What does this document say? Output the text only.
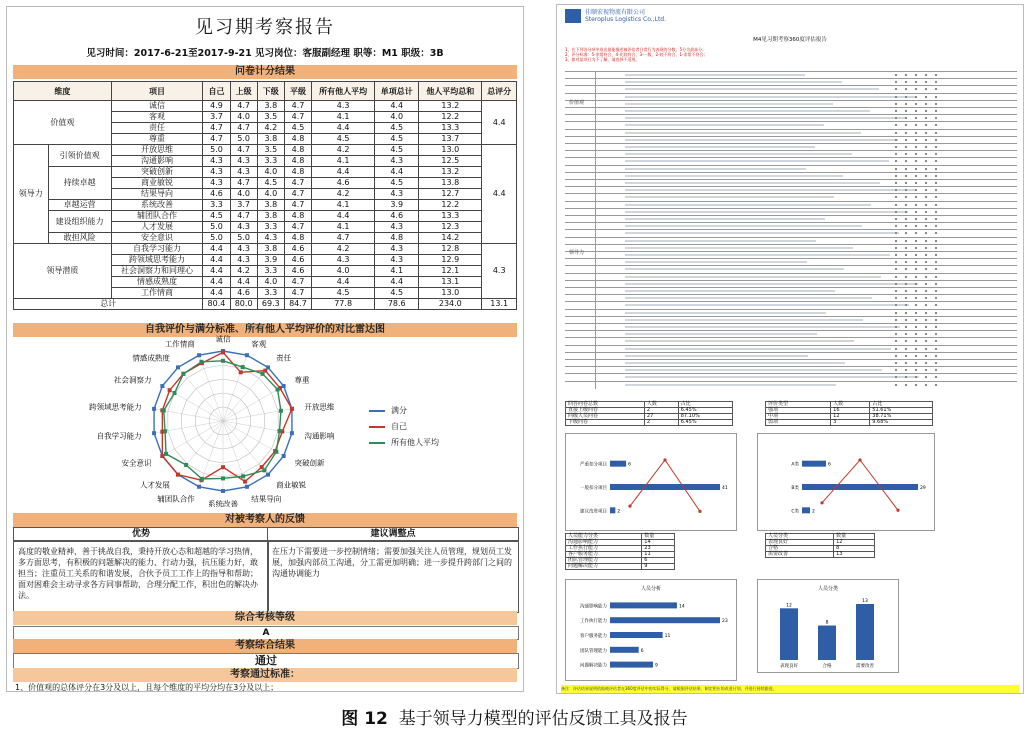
见习期考察报告
见习时间：2017-6-21至2017-9-21 见习岗位：客服副经理 职等：M1 职级：3B
问卷计分结果
维度		项目	自己	上级	下级	平级	所有他人平均	单项总计	他人平均总和	总评分
价值观		诚信	4.9	4.7	3.8	4.7	4.3	4.4	13.2	4.4
		客观	3.7	4.0	3.5	4.7	4.1	4.0	12.2	
		责任	4.7	4.7	4.2	4.5	4.4	4.5	13.3	
		尊重	4.7	5.0	3.8	4.8	4.5	4.5	13.7	
领导力	引领价值观	开放思维	5.0	4.7	3.5	4.8	4.2	4.5	13.0	4.4
		沟通影响	4.3	4.3	3.3	4.8	4.1	4.3	12.5	
	持续卓越	突破创新	4.3	4.3	4.0	4.8	4.4	4.4	13.2	
		商业敏锐	4.3	4.7	4.5	4.7	4.6	4.5	13.8	
		结果导向	4.6	4.0	4.0	4.7	4.2	4.3	12.7	
	卓越运营	系统改善	3.3	3.7	3.8	4.7	4.1	3.9	12.2	
	建设组织能力	辅团队合作	4.5	4.7	3.8	4.8	4.4	4.6	13.3	
		人才发展	5.0	4.3	3.3	4.7	4.1	4.3	12.3	
	敢担风险	安全意识	5.0	5.0	4.3	4.8	4.7	4.8	14.2	
领导潜质		自我学习能力	4.4	4.3	3.8	4.6	4.2	4.3	12.8	4.3
		跨领域思考能力	4.4	4.3	3.9	4.6	4.3	4.3	12.9	
		社会洞察力和同理心	4.4	4.2	3.3	4.6	4.0	4.1	12.1	
		情感成熟度	4.4	4.4	4.0	4.7	4.4	4.4	13.1	
		工作情商	4.4	4.6	3.3	4.7	4.5	4.5	13.0	
总计			80.4	80.0	69.3	84.7	77.8	78.6	234.0	13.1
自我评价与满分标准、所有他人平均评价的对比雷达图
诚信
客观
责任
尊重
开放思维
沟通影响
突破创新
商业敏锐
结果导向
系统改善
辅团队合作
人才发展
安全意识
自我学习能力
跨领域思考能力
社会洞察力
情感成熟度
工作情商
满分
自己
所有他人平均
对被考察人的反馈
优势	建议调整点
高度的敬业精神，善于挑战自我，秉持开放心态和超越的学习热情，多方面思考，有积极的问题解决的能力、行动力强，抗压能力好，敢担当；注重员工关系的和谐发展，合伙予员工工作上的指导和帮助；面对困难会主动寻求各方同事帮助，合理分配工作，积出色的解决办法。
在压力下需要进一步控制情绪；需要加强关注人员管理，规划员工发展，加强内部员工沟通，分工需更加明确；进一步提升跨部门之间的沟通协调能力
综合考核等级
A
考察综合结果
通过
考察通过标准：
1、价值观的总体评分在3分及以上，且每个维度的平均分均在3分及以上；
佳顺宏视物流有限公司
Steroplus Logistics Co.,Ltd.
M4见习期考察360度评估报告
1、在下列各分项中选出最能描述被评估者日常行为表现的分数，5分为最高分；
2、评分标准：5-非常符合，4-比较符合，3-一般，2-较不符合，1-非常不符合；
3、如对某项行为不了解，请选择不适用。
价值观
领导力
回答问卷总数	人数	占比
直接上级问卷	2	6.45%
同级人员问卷	27	87.10%
下级问卷	2	6.45%
评价类型	人数	占比
强项	16	51.61%
中项	12	38.71%
弱项	3	9.68%
严重扣分项目	6
一般扣分项目	41
建议改进项目 2
A类	6
B类	29
C类	2
人员能力分类	数量
沟通影响能力	14
工作执行能力	23
客户服务能力	11
团队管理能力	6
问题解决能力	9
人员分类	数量
表现良好	12
合格	8
需要改善	13
沟通影响能力	14
工作执行能力	23
客户服务能力	11
团队管理能力	6
问题解决能力	9
人员分析	人员分类
12
表现良好
8
合格
13
需要改善
备注：评估结果说明依据被评估者在360度评估中的实际得分，请根据评估结果，制定相应的改进计划，并进行持续跟进。
图 12 基于领导力模型的评估反馈工具及报告
